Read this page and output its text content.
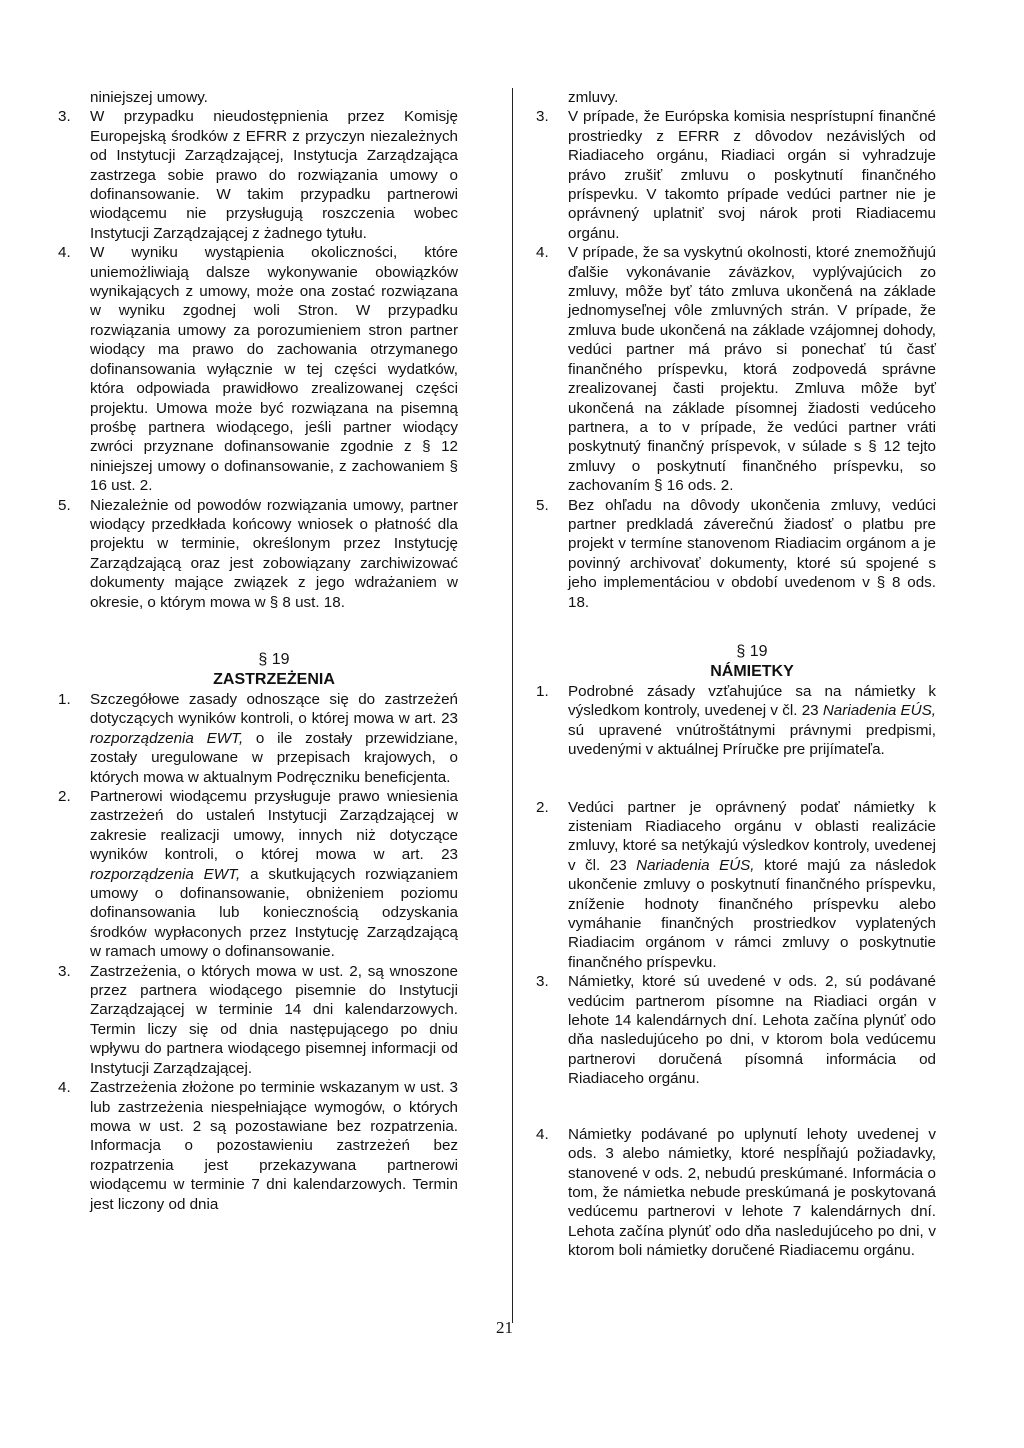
niniejszej umowy.
3.	W przypadku nieudostępnienia przez Komisję Europejską środków z EFRR z przyczyn niezależnych od Instytucji Zarządzającej, Instytucja Zarządzająca zastrzega sobie prawo do rozwiązania umowy o dofinansowanie. W takim przypadku partnerowi wiodącemu nie przysługują roszczenia wobec Instytucji Zarządzającej z żadnego tytułu.
4.	W wyniku wystąpienia okoliczności, które uniemożliwiają dalsze wykonywanie obowiązków wynikających z umowy, może ona zostać rozwiązana w wyniku zgodnej woli Stron. W przypadku rozwiązania umowy za porozumieniem stron partner wiodący ma prawo do zachowania otrzymanego dofinansowania wyłącznie w tej części wydatków, która odpowiada prawidłowo zrealizowanej części projektu. Umowa może być rozwiązana na pisemną prośbę partnera wiodącego, jeśli partner wiodący zwróci przyznane dofinansowanie zgodnie z § 12 niniejszej umowy o dofinansowanie, z zachowaniem § 16 ust. 2.
5.	Niezależnie od powodów rozwiązania umowy, partner wiodący przedkłada końcowy wniosek o płatność dla projektu w terminie, określonym przez Instytucję Zarządzającą oraz jest zobowiązany zarchiwizować dokumenty mające związek z jego wdrażaniem w okresie, o którym mowa w § 8 ust. 18.
§ 19
ZASTRZEŻENIA
1.	Szczegółowe zasady odnoszące się do zastrzeżeń dotyczących wyników kontroli, o której mowa w art. 23 rozporządzenia EWT, o ile zostały przewidziane, zostały uregulowane w przepisach krajowych, o których mowa w aktualnym Podręczniku beneficjenta.
2.	Partnerowi wiodącemu przysługuje prawo wniesienia zastrzeżeń do ustaleń Instytucji Zarządzającej w zakresie realizacji umowy, innych niż dotyczące wyników kontroli, o której mowa w art. 23 rozporządzenia EWT, a skutkujących rozwiązaniem umowy o dofinansowanie, obniżeniem poziomu dofinansowania lub koniecznością odzyskania środków wypłaconych przez Instytucję Zarządzającą w ramach umowy o dofinansowanie.
3.	Zastrzeżenia, o których mowa w ust. 2, są wnoszone przez partnera wiodącego pisemnie do Instytucji Zarządzającej w terminie 14 dni kalendarzowych. Termin liczy się od dnia następującego po dniu wpływu do partnera wiodącego pisemnej informacji od Instytucji Zarządzającej.
4.	Zastrzeżenia złożone po terminie wskazanym w ust. 3 lub zastrzeżenia niespełniające wymogów, o których mowa w ust. 2 są pozostawiane bez rozpatrzenia. Informacja o pozostawieniu zastrzeżeń bez rozpatrzenia jest przekazywana partnerowi wiodącemu w terminie 7 dni kalendarzowych. Termin jest liczony od dnia
zmluvy.
3.	V prípade, že Európska komisia nesprístupní finančné prostriedky z EFRR z dôvodov nezávislých od Riadiaceho orgánu, Riadiaci orgán si vyhradzuje právo zrušiť zmluvu o poskytnutí finančného príspevku. V takomto prípade vedúci partner nie je oprávnený uplatniť svoj nárok proti Riadiacemu orgánu.
4.	V prípade, že sa vyskytnú okolnosti, ktoré znemožňujú ďalšie vykonávanie záväzkov, vyplývajúcich zo zmluvy, môže byť táto zmluva ukončená na základe jednomyseľnej vôle zmluvných strán. V prípade, že zmluva bude ukončená na základe vzájomnej dohody, vedúci partner má právo si ponechať tú časť finančného príspevku, ktorá zodpovedá správne zrealizovanej časti projektu. Zmluva môže byť ukončená na základe písomnej žiadosti vedúceho partnera, a to v prípade, že vedúci partner vráti poskytnutý finančný príspevok, v súlade s § 12 tejto zmluvy o poskytnutí finančného príspevku, so zachovaním § 16 ods. 2.
5.	Bez ohľadu na dôvody ukončenia zmluvy, vedúci partner predkladá záverečnú žiadosť o platbu pre projekt v termíne stanovenom Riadiacim orgánom a je povinný archivovať dokumenty, ktoré sú spojené s jeho implementáciou v období uvedenom v § 8 ods. 18.
§ 19
NÁMIETKY
1.	Podrobné zásady vzťahujúce sa na námietky k výsledkom kontroly, uvedenej v čl. 23 Nariadenia EÚS, sú upravené vnútroštátnymi právnymi predpismi, uvedenými v aktuálnej Príručke pre prijímateľa.
2.	Vedúci partner je oprávnený podať námietky k zisteniam Riadiaceho orgánu v oblasti realizácie zmluvy, ktoré sa netýkajú výsledkov kontroly, uvedenej v čl. 23 Nariadenia EÚS, ktoré majú za následok ukončenie zmluvy o poskytnutí finančného príspevku, zníženie hodnoty finančného príspevku alebo vymáhanie finančných prostriedkov vyplatených Riadiacim orgánom v rámci zmluvy o poskytnutie finančného príspevku.
3.	Námietky, ktoré sú uvedené v ods. 2, sú podávané vedúcim partnerom písomne na Riadiaci orgán v lehote 14 kalendárnych dní. Lehota začína plynúť odo dňa nasledujúceho po dni, v ktorom bola vedúcemu partnerovi doručená písomná informácia od Riadiaceho orgánu.
4.	Námietky podávané po uplynutí lehoty uvedenej v ods. 3 alebo námietky, ktoré nespĺňajú požiadavky, stanovené v ods. 2, nebudú preskúmané. Informácia o tom, že námietka nebude preskúmaná je poskytovaná vedúcemu partnerovi v lehote 7 kalendárnych dní. Lehota začína plynúť odo dňa nasledujúceho po dni, v ktorom boli námietky doručené Riadiacemu orgánu.
21
